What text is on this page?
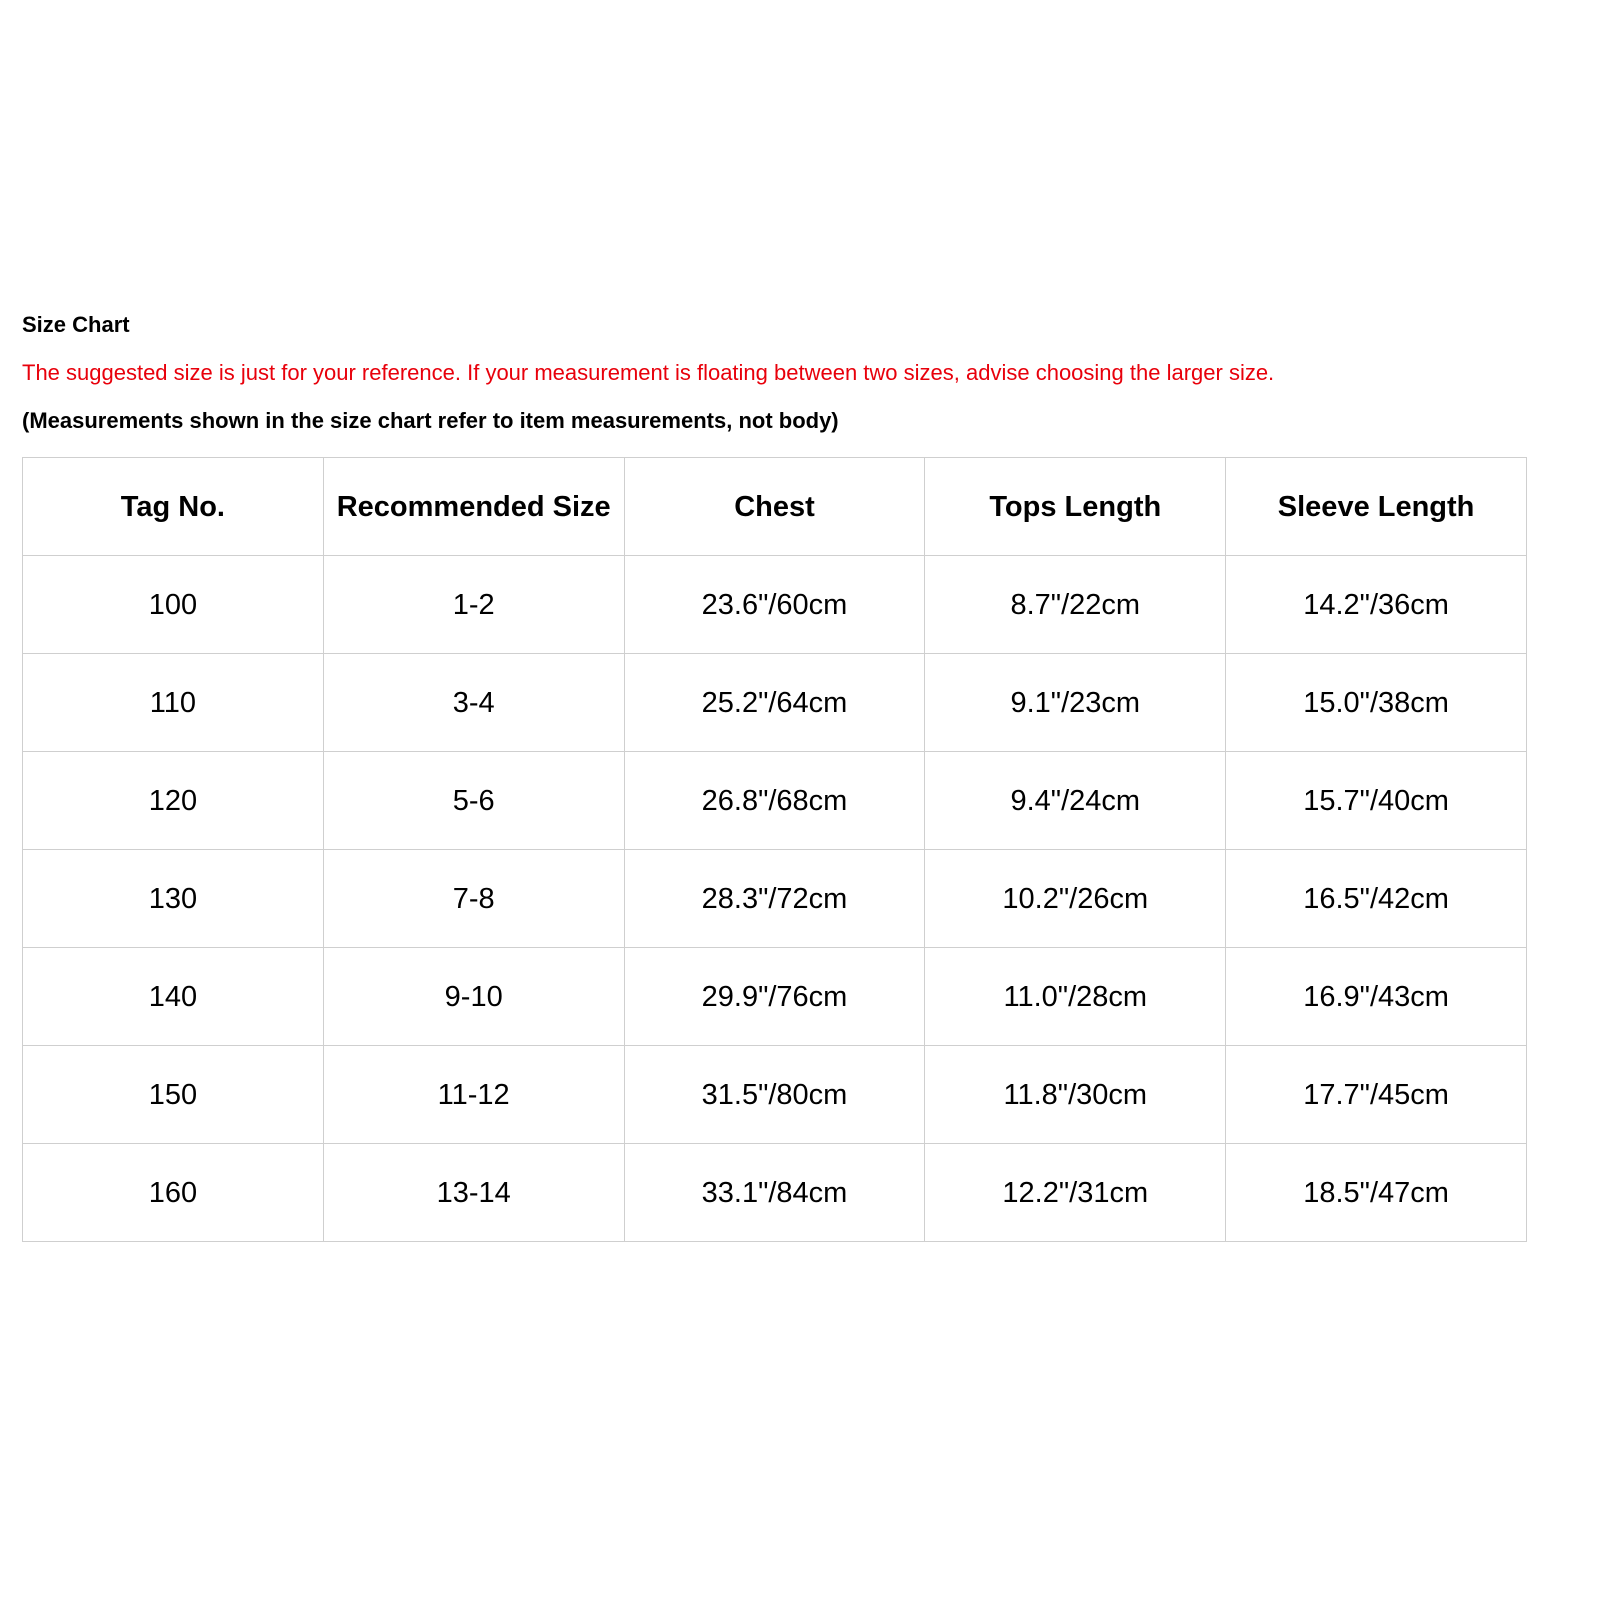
Size Chart
The suggested size is just for your reference. If your measurement is floating between two sizes, advise choosing the larger size.
(Measurements shown in the size chart refer to item measurements, not body)
Tag No.	Recommended Size	Chest	Tops Length	Sleeve Length
100	1-2	23.6"/60cm	8.7"/22cm	14.2"/36cm
110	3-4	25.2"/64cm	9.1"/23cm	15.0"/38cm
120	5-6	26.8"/68cm	9.4"/24cm	15.7"/40cm
130	7-8	28.3"/72cm	10.2"/26cm	16.5"/42cm
140	9-10	29.9"/76cm	11.0"/28cm	16.9"/43cm
150	11-12	31.5"/80cm	11.8"/30cm	17.7"/45cm
160	13-14	33.1"/84cm	12.2"/31cm	18.5"/47cm
